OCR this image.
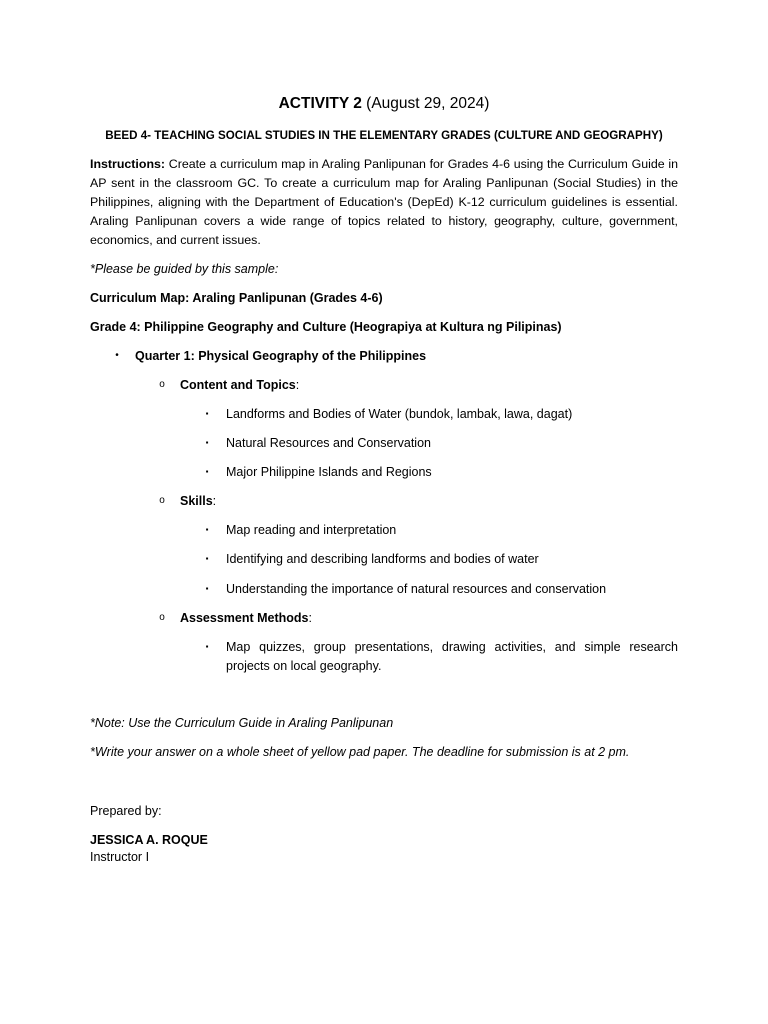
ACTIVITY 2 (August 29, 2024)
BEED 4- TEACHING SOCIAL STUDIES IN THE ELEMENTARY GRADES (CULTURE AND GEOGRAPHY)
Instructions: Create a curriculum map in Araling Panlipunan for Grades 4-6 using the Curriculum Guide in AP sent in the classroom GC. To create a curriculum map for Araling Panlipunan (Social Studies) in the Philippines, aligning with the Department of Education's (DepEd) K-12 curriculum guidelines is essential. Araling Panlipunan covers a wide range of topics related to history, geography, culture, government, economics, and current issues.
*Please be guided by this sample:
Curriculum Map: Araling Panlipunan (Grades 4-6)
Grade 4: Philippine Geography and Culture (Heograpiya at Kultura ng Pilipinas)
•	Quarter 1: Physical Geography of the Philippines
o	Content and Topics:
▪	Landforms and Bodies of Water (bundok, lambak, lawa, dagat)
▪	Natural Resources and Conservation
▪	Major Philippine Islands and Regions
o	Skills:
▪	Map reading and interpretation
▪	Identifying and describing landforms and bodies of water
▪	Understanding the importance of natural resources and conservation
o	Assessment Methods:
▪	Map quizzes, group presentations, drawing activities, and simple research projects on local geography.
*Note: Use the Curriculum Guide in Araling Panlipunan
*Write your answer on a whole sheet of yellow pad paper. The deadline for submission is at 2 pm.
Prepared by:
JESSICA A. ROQUE
Instructor I
